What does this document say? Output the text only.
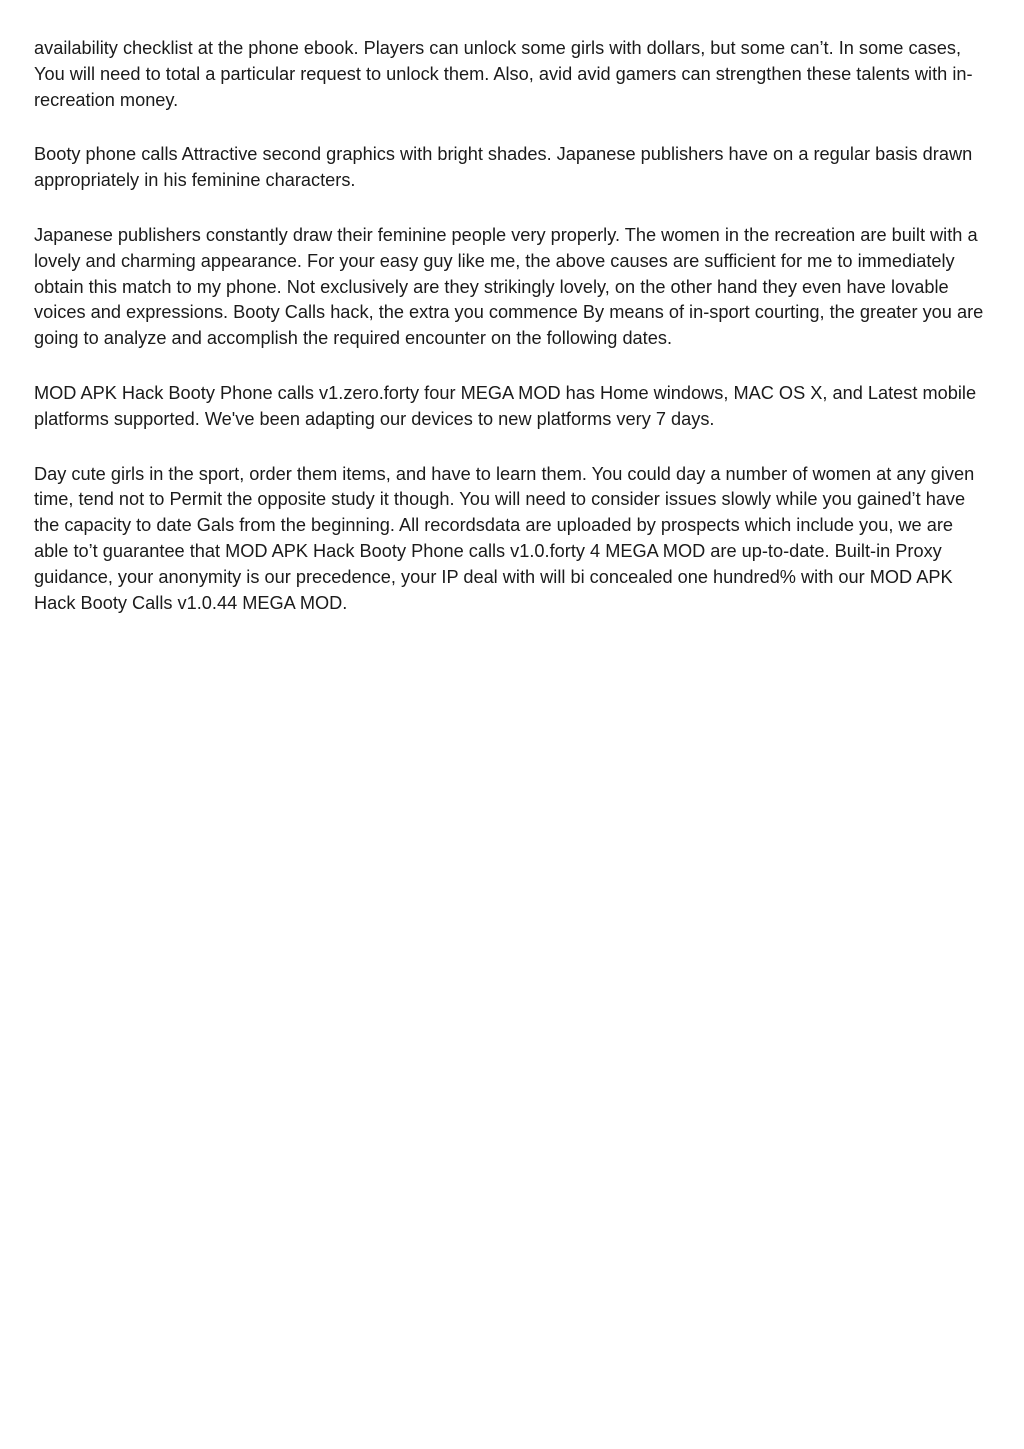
availability checklist at the phone ebook. Players can unlock some girls with dollars, but some can’t. In some cases, You will need to total a particular request to unlock them. Also, avid avid gamers can strengthen these talents with in-recreation money.

Booty phone calls Attractive second graphics with bright shades. Japanese publishers have on a regular basis drawn appropriately in his feminine characters.

Japanese publishers constantly draw their feminine people very properly. The women in the recreation are built with a lovely and charming appearance. For your easy guy like me, the above causes are sufficient for me to immediately obtain this match to my phone. Not exclusively are they strikingly lovely, on the other hand they even have lovable voices and expressions. Booty Calls hack, the extra you commence By means of in-sport courting, the greater you are going to analyze and accomplish the required encounter on the following dates.

MOD APK Hack Booty Phone calls v1.zero.forty four MEGA MOD has Home windows, MAC OS X, and Latest mobile platforms supported. We've been adapting our devices to new platforms very 7 days.

Day cute girls in the sport, order them items, and have to learn them. You could day a number of women at any given time, tend not to Permit the opposite study it though. You will need to consider issues slowly while you gained’t have the capacity to date Gals from the beginning. All recordsdata are uploaded by prospects which include you, we are able to’t guarantee that MOD APK Hack Booty Phone calls v1.0.forty 4 MEGA MOD are up-to-date. Built-in Proxy guidance, your anonymity is our precedence, your IP deal with will bi concealed one hundred% with our MOD APK Hack Booty Calls v1.0.44 MEGA MOD.
